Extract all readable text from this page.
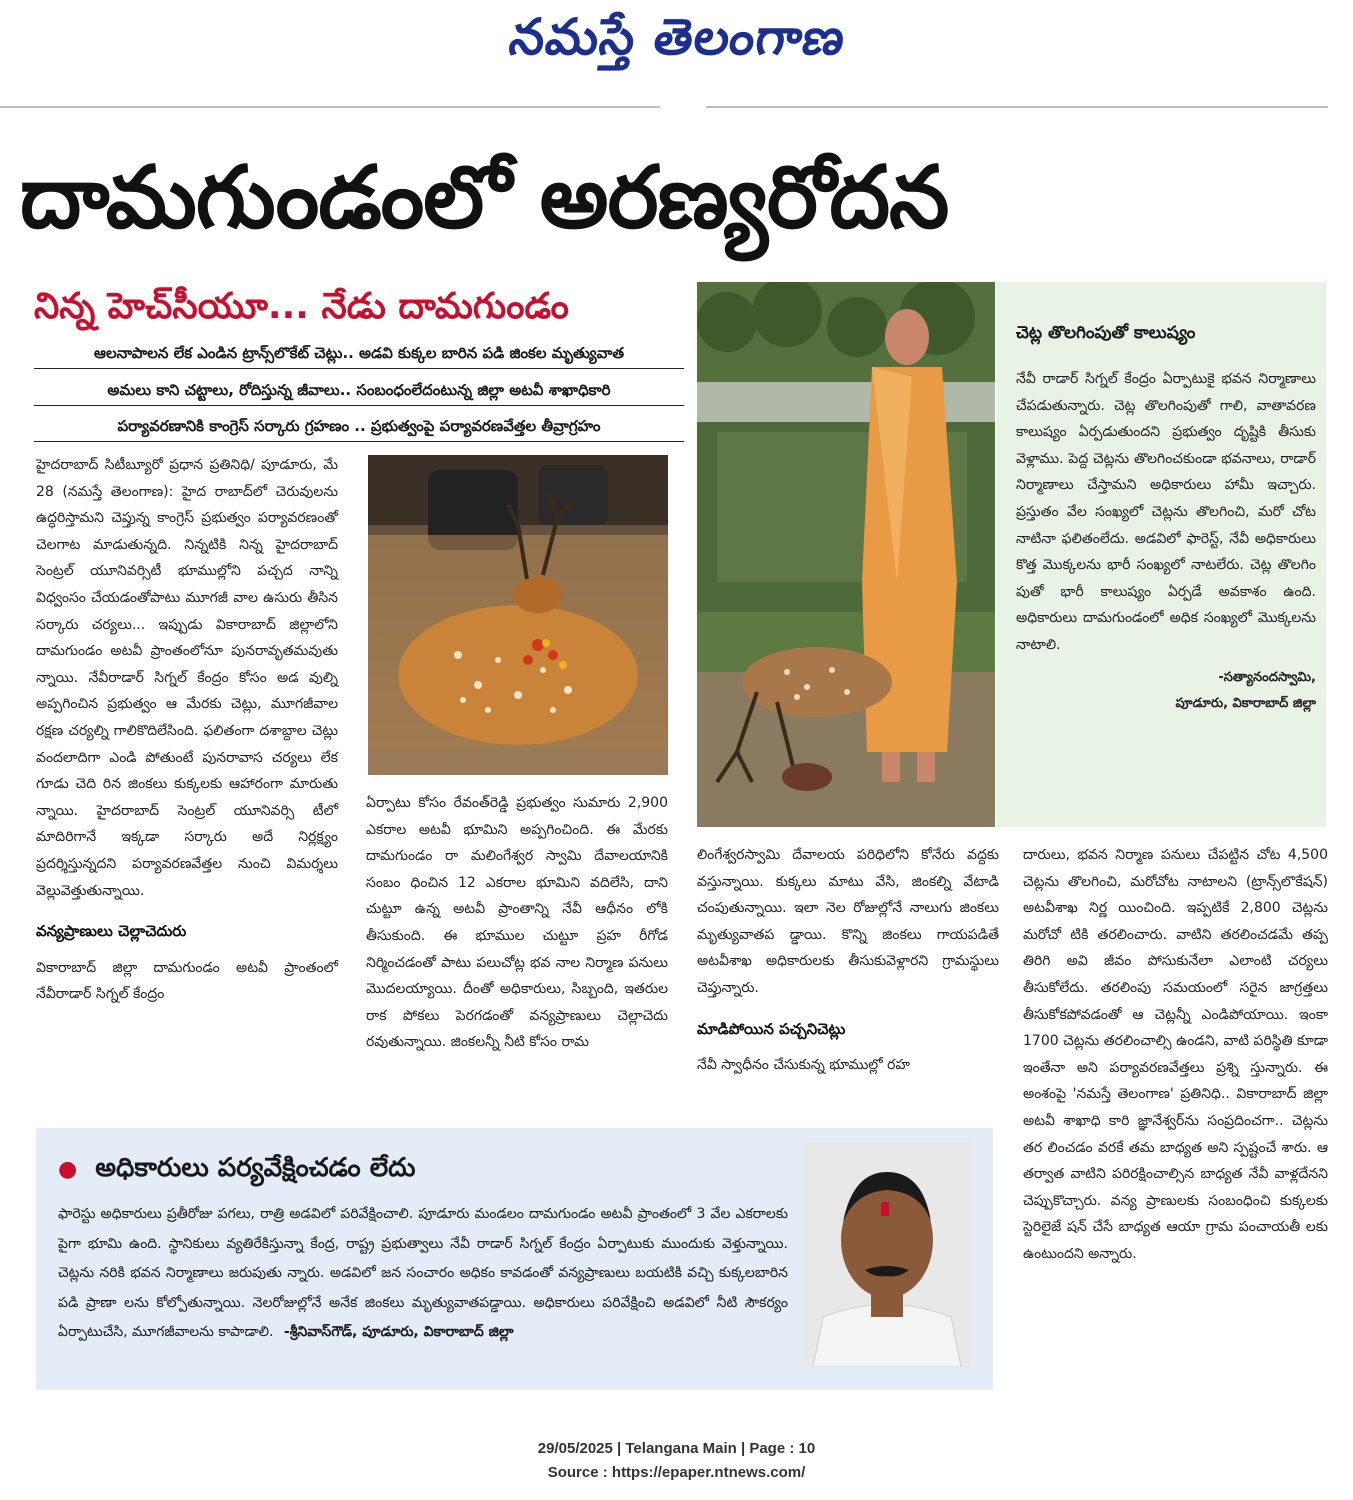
నమస్తే తెలంగాణ
దామగుండంలో అరణ్యరోదన
నిన్న హెచ్‌సీయూ... నేడు దామగుండం
ఆలనాపాలన లేక ఎండిన ట్రాన్స్‌లొకేట్ చెట్లు.. అడవి కుక్కల బారిన పడి జింకల మృత్యువాత
అమలు కాని చట్టాలు, రోదిస్తున్న జీవాలు.. సంబంధంలేదంటున్న జిల్లా అటవీ శాఖాధికారి
పర్యావరణానికి కాంగ్రెస్ సర్కారు గ్రహణం .. ప్రభుత్వంపై పర్యావరణవేత్తల తీవ్రాగ్రహం

హైదరాబాద్ సిటీబ్యూరో ప్రధాన ప్రతినిధి/ పూడూరు, మే 28 (నమస్తే తెలంగాణ): హైద రాబాద్‌లో చెరువులను ఉద్ధరిస్తామని చెప్తున్న కాంగ్రెస్ ప్రభుత్వం పర్యావరణంతో చెలగాట మాడుతున్నది. నిన్నటికి నిన్న హైదరాబాద్ సెంట్రల్ యూనివర్సిటీ భూముల్లోని పచ్చద నాన్ని విధ్వంసం చేయడంతోపాటు మూగజీ వాల ఉసురు తీసిన సర్కారు చర్యలు... ఇప్పుడు వికారాబాద్ జిల్లాలోని దామగుండం అటవీ ప్రాంతంలోనూ పునరావృతమవుతు న్నాయి. నేవీరాడార్ సిగ్నల్ కేంద్రం కోసం అడ వుల్ని అప్పగించిన ప్రభుత్వం ఆ మేరకు చెట్లు, మూగజీవాల రక్షణ చర్యల్ని గాలికొదిలేసింది. ఫలితంగా దశాబ్దాల చెట్లు వందలాదిగా ఎండి పోతుంటే పునరావాస చర్యలు లేక గూడు చెది రిన జింకలు కుక్కలకు ఆహారంగా మారుతు న్నాయి. హైదరాబాద్ సెంట్రల్ యూనివర్సి టీలో మాదిరిగానే ఇక్కడా సర్కారు అదే నిర్లక్ష్యం ప్రదర్శిస్తున్నదని పర్యావరణవేత్తల నుంచి విమర్శలు వెల్లువెత్తుతున్నాయి.

వన్యప్రాణులు చెల్లాచెదురు

వికారాబాద్ జిల్లా దామగుండం అటవీ ప్రాంతంలో నేవీరాడార్ సిగ్నల్ కేంద్రం

ఏర్పాటు కోసం రేవంత్‌రెడ్డి ప్రభుత్వం సుమారు 2,900 ఎకరాల అటవీ భూమిని అప్పగించింది. ఈ మేరకు దామగుండం రా మలింగేశ్వర స్వామి దేవాలయానికి సంబం ధించిన 12 ఎకరాల భూమిని వదిలేసి, దాని చుట్టూ ఉన్న అటవీ ప్రాంతాన్ని నేవీ ఆధీనం లోకి తీసుకుంది. ఈ భూముల చుట్టూ ప్రహ రీగోడ నిర్మించడంతో పాటు పలుచోట్ల భవ నాల నిర్మాణ పనులు మొదలయ్యాయి. దీంతో అధికారులు, సిబ్బంది, ఇతరుల రాక పోకలు పెరగడంతో వన్యప్రాణులు చెల్లాచెదు రవుతున్నాయి. జింకలన్నీ నీటి కోసం రామ

లింగేశ్వరస్వామి దేవాలయ పరిధిలోని కోనేరు వద్దకు వస్తున్నాయి. కుక్కలు మాటు వేసి, జింకల్ని వేటాడి చంపుతున్నాయి. ఇలా నెల రోజుల్లోనే నాలుగు జింకలు మృత్యువాతప డ్డాయి. కొన్ని జింకలు గాయపడితే అటవీశాఖ అధికారులకు తీసుకువెళ్లారని గ్రామస్థులు చెప్తున్నారు.

మాడిపోయిన పచ్చనిచెట్లు

నేవీ స్వాధీనం చేసుకున్న భూముల్లో రహ

చెట్ల తొలగింపుతో కాలుష్యం

నేవీ రాడార్ సిగ్నల్ కేంద్రం ఏర్పాటుకై భవన నిర్మాణాలు చేపడుతున్నారు. చెట్ల తొలగింపుతో గాలి, వాతావరణ కాలుష్యం ఏర్పడుతుందని ప్రభుత్వం దృష్టికి తీసుకు వెళ్లాము. పెద్ద చెట్లను తొలగించకుండా భవనాలు, రాడార్ నిర్మాణాలు చేస్తామని అధికారులు హామీ ఇచ్చారు. ప్రస్తుతం వేల సంఖ్యలో చెట్లను తొలగించి, మరో చోట నాటినా ఫలితంలేదు. అడవిలో ఫారెస్ట్, నేవీ అధికారులు కొత్త మొక్కలను భారీ సంఖ్యలో నాటలేరు. చెట్ల తొలగిం పుతో భారీ కాలుష్యం ఏర్పడే అవకాశం ఉంది. అధికారులు దామగుండంలో అధిక సంఖ్యలో మొక్కలను నాటాలి.

-సత్యానందస్వామి,

పూడూరు, వికారాబాద్ జిల్లా

దారులు, భవన నిర్మాణ పనులు చేపట్టిన చోట 4,500 చెట్లను తొలగించి, మరోచోట నాటాలని (ట్రాన్స్‌లొకేషన్) అటవీశాఖ నిర్ణ యించింది. ఇప్పటికే 2,800 చెట్లను మరోచో టికి తరలించారు. వాటిని తరలించడమే తప్ప తిరిగి అవి జీవం పోసుకునేలా ఎలాంటి చర్యలు తీసుకోలేదు. తరలింపు సమయంలో సరైన జాగ్రత్తలు తీసుకోకపోవడంతో ఆ చెట్లన్నీ ఎండిపోయాయి. ఇంకా 1700 చెట్లను తరలించాల్సి ఉండని, వాటి పరిస్థితి కూడా ఇంతేనా అని పర్యావరణవేత్తలు ప్రశ్ని స్తున్నారు. ఈ అంశంపై 'నమస్తే తెలంగాణ' ప్రతినిధి.. వికారాబాద్ జిల్లా అటవీ శాఖాధి కారి జ్ఞానేశ్వర్‌ను సంప్రదించగా.. చెట్లను తర లించడం వరకే తమ బాధ్యత అని స్పష్టంచే శారు. ఆ తర్వాత వాటిని పరిరక్షించాల్సిన బాధ్యత నేవీ వాళ్లదేనని చెప్పుకొచ్చారు. వన్య ప్రాణులకు సంబంధించి కుక్కలకు స్టెరిలైజే షన్ చేసే బాధ్యత ఆయా గ్రామ పంచాయతీ లకు ఉంటుందని అన్నారు.

● అధికారులు పర్యవేక్షించడం లేదు
ఫారెస్టు అధికారులు ప్రతీరోజు పగలు, రాత్రి అడవిలో పరివేక్షించాలి. పూడూరు మండలం దామగుండం అటవీ ప్రాంతంలో 3 వేల ఎకరాలకు పైగా భూమి ఉంది. స్థానికులు వ్యతిరేకిస్తున్నా కేంద్ర, రాష్ట్ర ప్రభుత్వాలు నేవీ రాడార్ సిగ్నల్ కేంద్రం ఏర్పాటుకు ముందుకు వెళ్తున్నాయి. చెట్లను నరికి భవన నిర్మాణాలు జరుపుతు న్నారు. అడవిలో జన సంచారం అధికం కావడంతో వన్యప్రాణులు బయటికి వచ్చి కుక్కలబారిన పడి ప్రాణా లను కోల్పోతున్నాయి. నెలరోజుల్లోనే అనేక జింకలు మృత్యువాతపడ్డాయి. అధికారులు పరివేక్షించి అడవిలో నీటి సౌకర్యం ఏర్పాటుచేసి, మూగజీవాలను కాపాడాలి. -శ్రీనివాస్‌గౌడ్, పూడూరు, వికారాబాద్ జిల్లా
29/05/2025 | Telangana Main | Page : 10
Source : https://epaper.ntnews.com/
